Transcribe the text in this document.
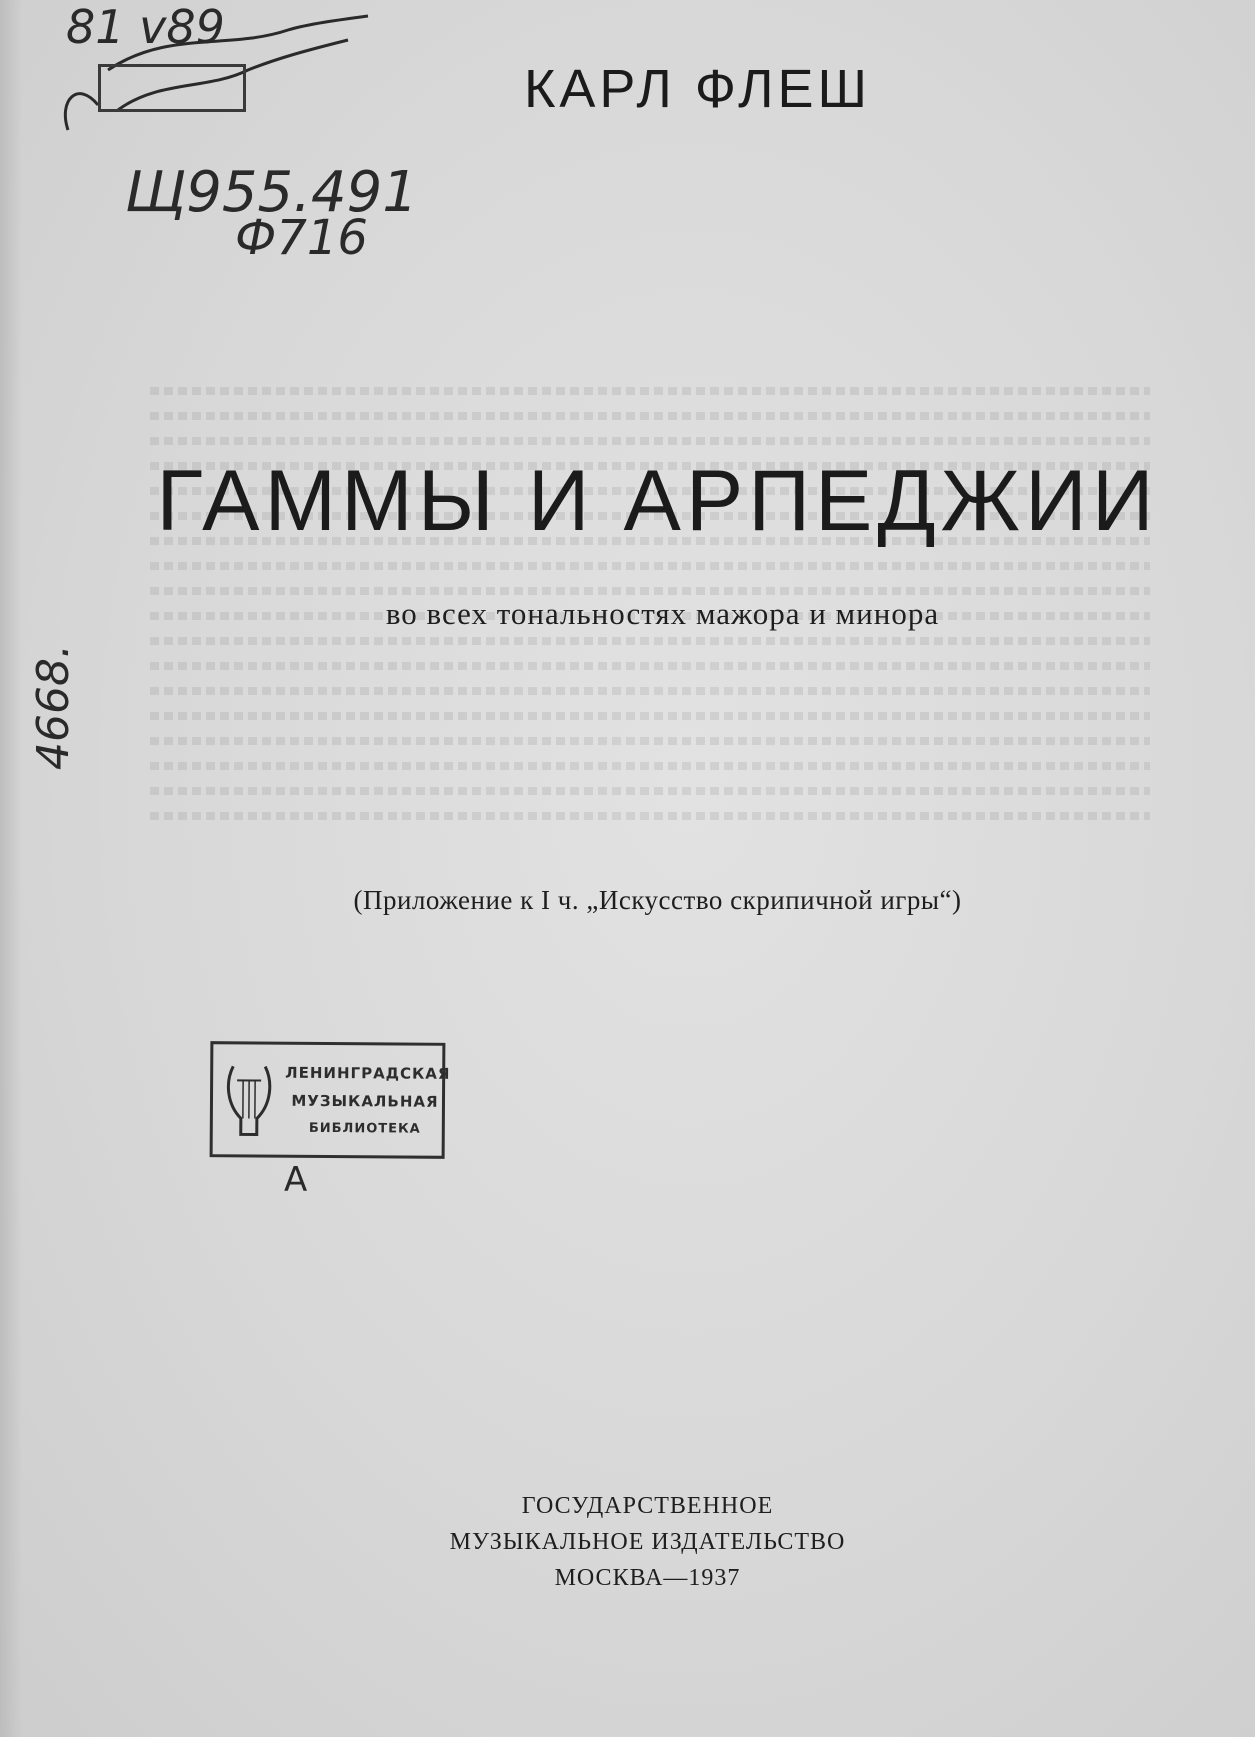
81 v89
Щ955.491
Ф716
4668.
КАРЛ ФЛЕШ
ГАММЫ И АРПЕДЖИИ
во всех тональностях мажора и минора
(Приложение к I ч. „Искусство скрипичной игры“)
ЛЕНИНГРАДСКАЯ
МУЗЫКАЛЬНАЯ
БИБЛИОТЕКА
А
ГОСУДАРСТВЕННОЕ
МУЗЫКАЛЬНОЕ ИЗДАТЕЛЬСТВО
МОСКВА—1937
